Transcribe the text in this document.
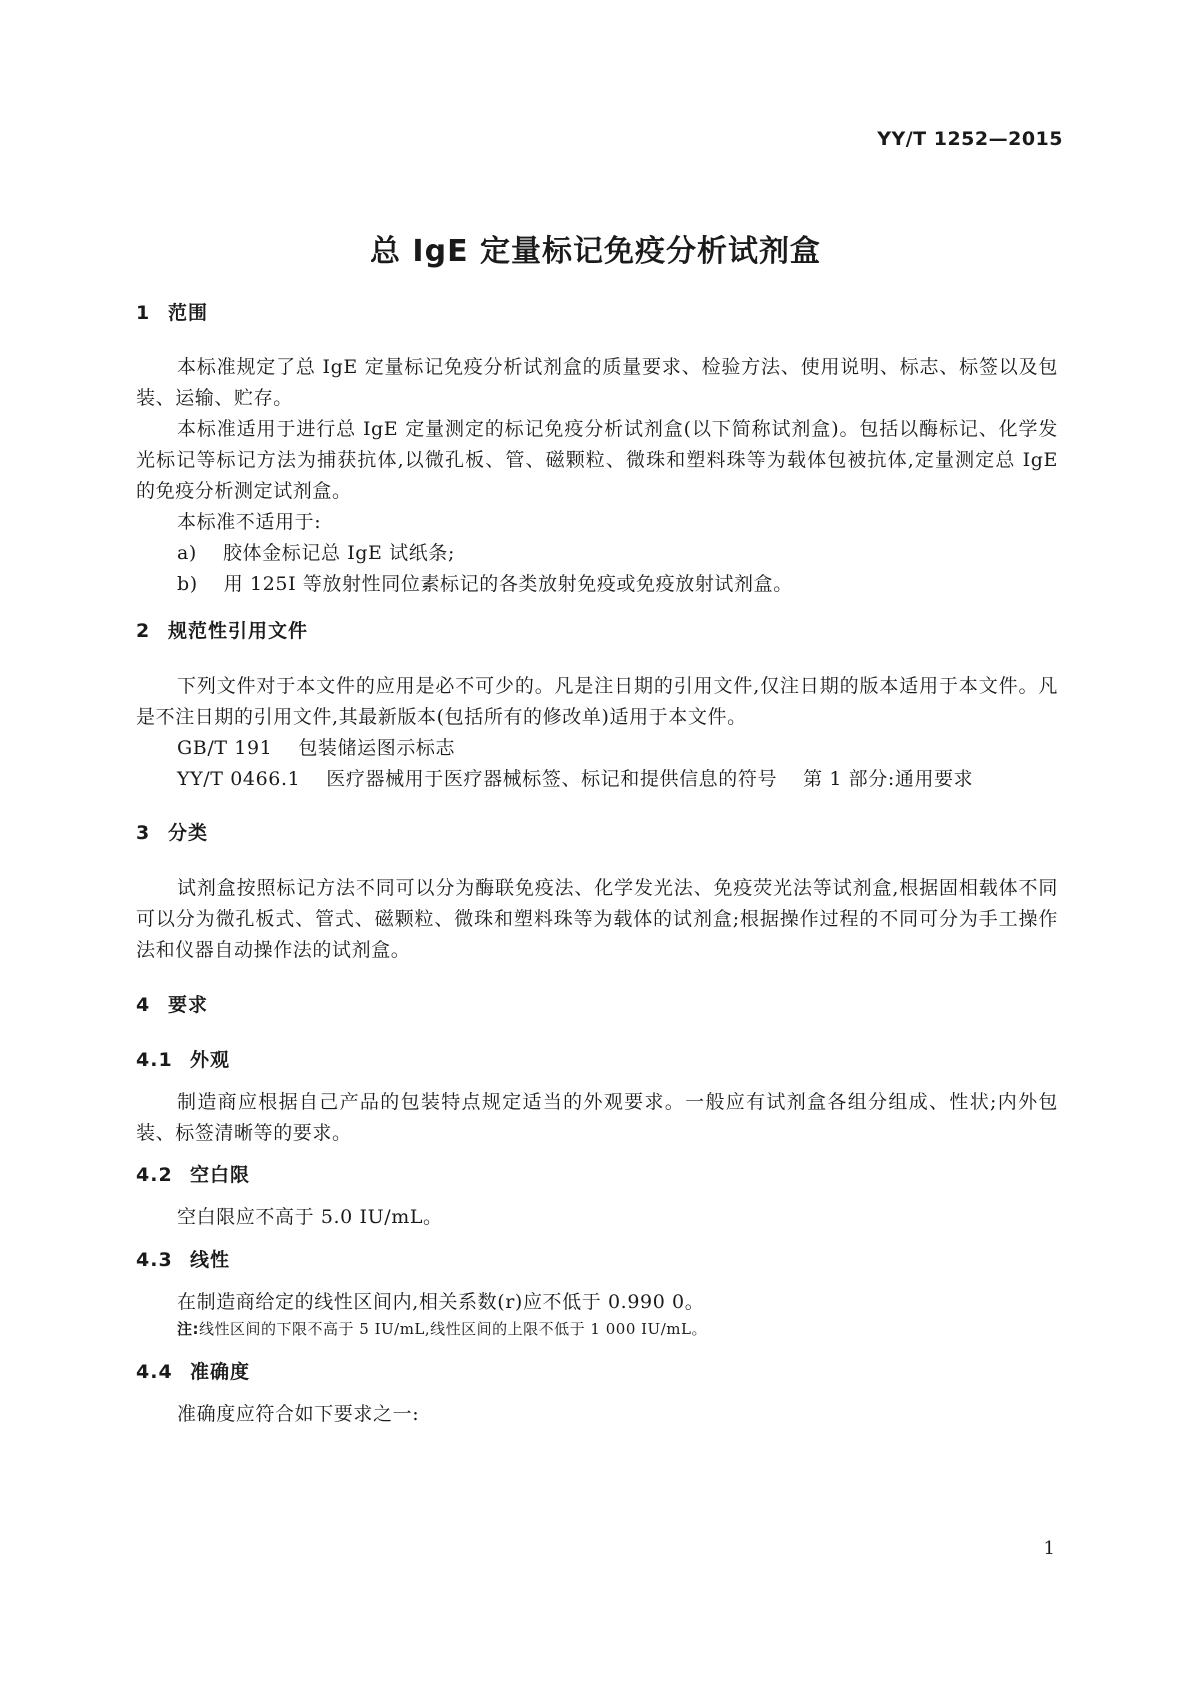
YY/T 1252—2015
总 IgE 定量标记免疫分析试剂盒
1 范围
本标准规定了总 IgE 定量标记免疫分析试剂盒的质量要求、检验方法、使用说明、标志、标签以及包装、运输、贮存。
本标准适用于进行总 IgE 定量测定的标记免疫分析试剂盒(以下简称试剂盒)。包括以酶标记、化学发光标记等标记方法为捕获抗体,以微孔板、管、磁颗粒、微珠和塑料珠等为载体包被抗体,定量测定总 IgE 的免疫分析测定试剂盒。
本标准不适用于:
a) 胶体金标记总 IgE 试纸条;
b) 用 125I 等放射性同位素标记的各类放射免疫或免疫放射试剂盒。
2 规范性引用文件
下列文件对于本文件的应用是必不可少的。凡是注日期的引用文件,仅注日期的版本适用于本文件。凡是不注日期的引用文件,其最新版本(包括所有的修改单)适用于本文件。
GB/T 191 包装储运图示标志
YY/T 0466.1 医疗器械用于医疗器械标签、标记和提供信息的符号 第 1 部分:通用要求
3 分类
试剂盒按照标记方法不同可以分为酶联免疫法、化学发光法、免疫荧光法等试剂盒,根据固相载体不同可以分为微孔板式、管式、磁颗粒、微珠和塑料珠等为载体的试剂盒;根据操作过程的不同可分为手工操作法和仪器自动操作法的试剂盒。
4 要求
4.1 外观
制造商应根据自己产品的包装特点规定适当的外观要求。一般应有试剂盒各组分组成、性状;内外包装、标签清晰等的要求。
4.2 空白限
空白限应不高于 5.0 IU/mL。
4.3 线性
在制造商给定的线性区间内,相关系数(r)应不低于 0.990 0。
注:线性区间的下限不高于 5 IU/mL,线性区间的上限不低于 1 000 IU/mL。
4.4 准确度
准确度应符合如下要求之一:
1
